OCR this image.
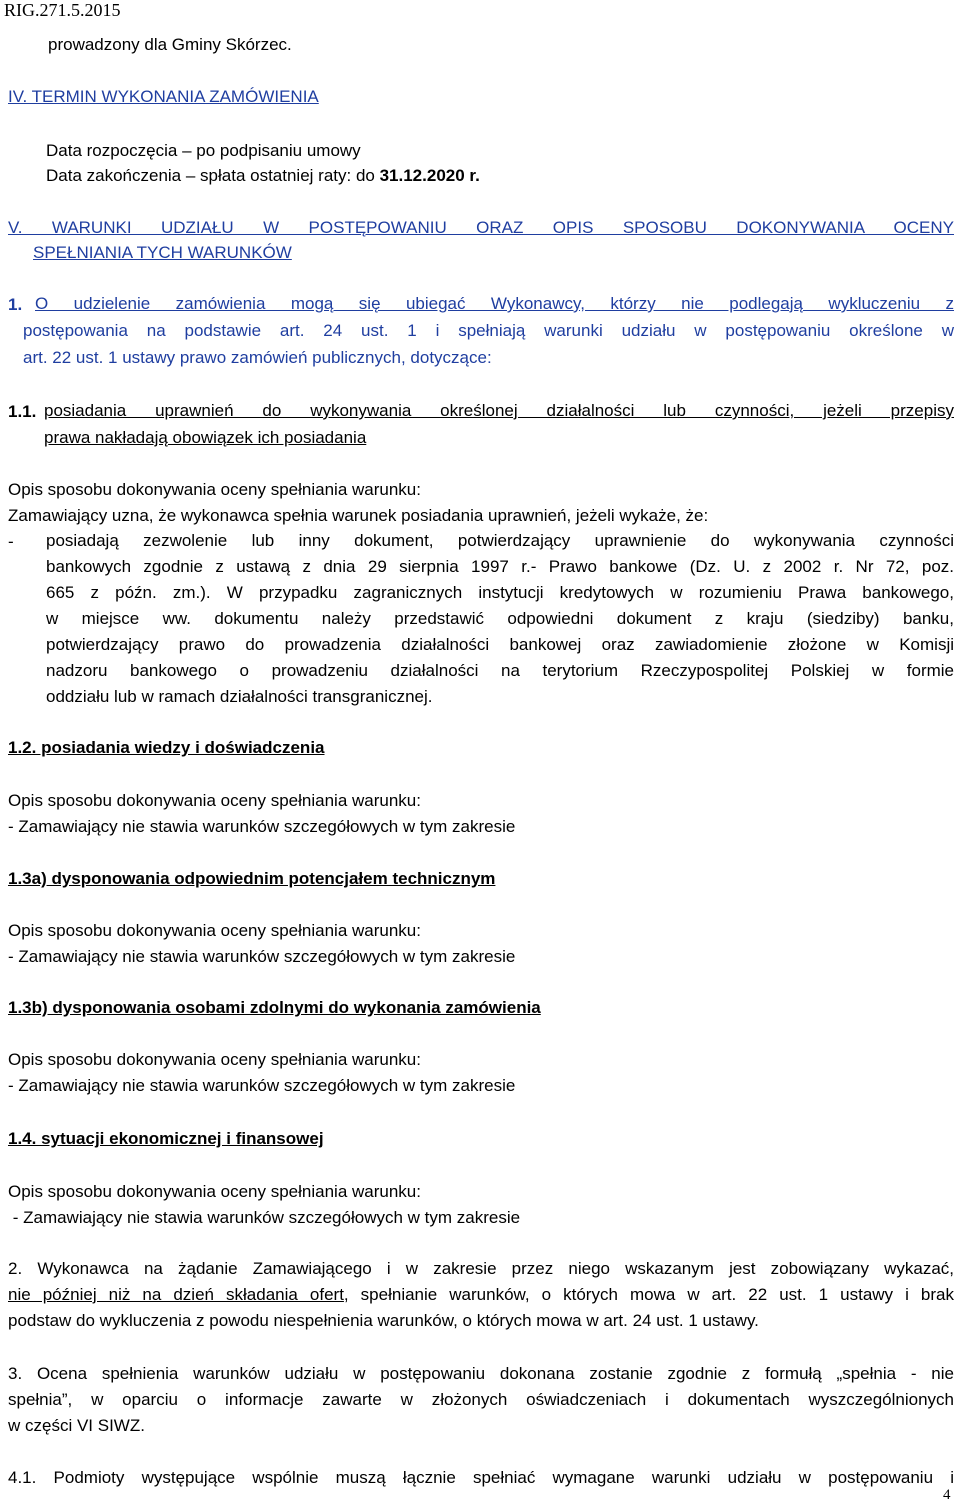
RIG.271.5.2015
prowadzony dla Gminy Skórzec.
IV. TERMIN WYKONANIA ZAMÓWIENIA
Data rozpoczęcia – po podpisaniu umowy
Data zakończenia – spłata ostatniej raty: do 31.12.2020 r.
V. WARUNKI UDZIAŁU W POSTĘPOWANIU ORAZ OPIS SPOSOBU DOKONYWANIA OCENY
SPEŁNIANIA TYCH WARUNKÓW
1. O udzielenie zamówienia mogą się ubiegać Wykonawcy, którzy nie podlegają wykluczeniu z
postępowania na podstawie art. 24 ust. 1 i spełniają warunki udziału w postępowaniu określone w
art. 22 ust. 1 ustawy prawo zamówień publicznych, dotyczące:
1.1. posiadania uprawnień do wykonywania określonej działalności lub czynności, jeżeli przepisy
prawa nakładają obowiązek ich posiadania
Opis sposobu dokonywania oceny spełniania warunku:
Zamawiający uzna, że wykonawca spełnia warunek posiadania uprawnień, jeżeli wykaże, że:
- posiadają zezwolenie lub inny dokument, potwierdzający uprawnienie do wykonywania czynności
bankowych zgodnie z ustawą z dnia 29 sierpnia 1997 r.- Prawo bankowe (Dz. U. z 2002 r. Nr 72, poz.
665 z późn. zm.). W przypadku zagranicznych instytucji kredytowych w rozumieniu Prawa bankowego,
w miejsce ww. dokumentu należy przedstawić odpowiedni dokument z kraju (siedziby) banku,
potwierdzający prawo do prowadzenia działalności bankowej oraz zawiadomienie złożone w Komisji
nadzoru bankowego o prowadzeniu działalności na terytorium Rzeczypospolitej Polskiej w formie
oddziału lub w ramach działalności transgranicznej.
1.2. posiadania wiedzy i doświadczenia
Opis sposobu dokonywania oceny spełniania warunku:
- Zamawiający nie stawia warunków szczegółowych w tym zakresie
1.3a) dysponowania odpowiednim potencjałem technicznym
Opis sposobu dokonywania oceny spełniania warunku:
- Zamawiający nie stawia warunków szczegółowych w tym zakresie
1.3b) dysponowania osobami zdolnymi do wykonania zamówienia
Opis sposobu dokonywania oceny spełniania warunku:
- Zamawiający nie stawia warunków szczegółowych w tym zakresie
1.4. sytuacji ekonomicznej i finansowej
Opis sposobu dokonywania oceny spełniania warunku:
- Zamawiający nie stawia warunków szczegółowych w tym zakresie
2. Wykonawca na żądanie Zamawiającego i w zakresie przez niego wskazanym jest zobowiązany wykazać,
nie później niż na dzień składania ofert, spełnianie warunków, o których mowa w art. 22 ust. 1 ustawy i brak
podstaw do wykluczenia z powodu niespełnienia warunków, o których mowa w art. 24 ust. 1 ustawy.
3. Ocena spełnienia warunków udziału w postępowaniu dokonana zostanie zgodnie z formułą „spełnia - nie
spełnia”, w oparciu o informacje zawarte w złożonych oświadczeniach i dokumentach wyszczególnionych
w części VI SIWZ.
4.1. Podmioty występujące wspólnie muszą łącznie spełniać wymagane warunki udziału w postępowaniu i
4
